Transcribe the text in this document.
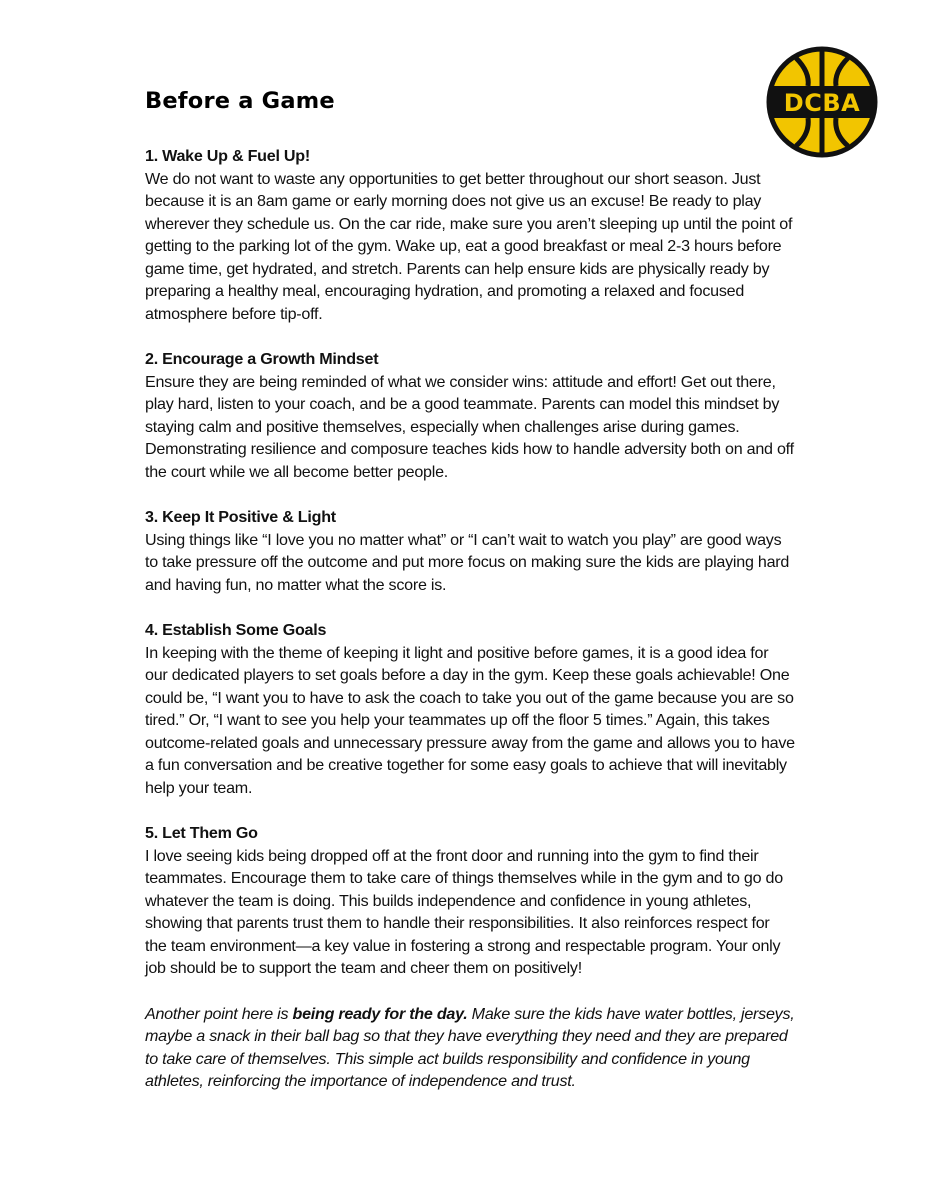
Before a Game	DCBA
1. Wake Up & Fuel Up!

We do not want to waste any opportunities to get better throughout our short season. Just because it is an 8am game or early morning does not give us an excuse! Be ready to play wherever they schedule us. On the car ride, make sure you aren’t sleeping up until the point of getting to the parking lot of the gym. Wake up, eat a good breakfast or meal 2-3 hours before game time, get hydrated, and stretch. Parents can help ensure kids are physically ready by preparing a healthy meal, encouraging hydration, and promoting a relaxed and focused atmosphere before tip-off.

2. Encourage a Growth Mindset

Ensure they are being reminded of what we consider wins: attitude and effort! Get out there, play hard, listen to your coach, and be a good teammate. Parents can model this mindset by staying calm and positive themselves, especially when challenges arise during games. Demonstrating resilience and composure teaches kids how to handle adversity both on and off the court while we all become better people.

3. Keep It Positive & Light

Using things like “I love you no matter what” or “I can’t wait to watch you play” are good ways to take pressure off the outcome and put more focus on making sure the kids are playing hard and having fun, no matter what the score is.

4. Establish Some Goals

In keeping with the theme of keeping it light and positive before games, it is a good idea for our dedicated players to set goals before a day in the gym. Keep these goals achievable! One could be, “I want you to have to ask the coach to take you out of the game because you are so tired.” Or, “I want to see you help your teammates up off the floor 5 times.” Again, this takes outcome-related goals and unnecessary pressure away from the game and allows you to have a fun conversation and be creative together for some easy goals to achieve that will inevitably help your team.

5. Let Them Go

I love seeing kids being dropped off at the front door and running into the gym to find their teammates. Encourage them to take care of things themselves while in the gym and to go do whatever the team is doing. This builds independence and confidence in young athletes, showing that parents trust them to handle their responsibilities. It also reinforces respect for the team environment—a key value in fostering a strong and respectable program. Your only job should be to support the team and cheer them on positively!

Another point here is being ready for the day. Make sure the kids have water bottles, jerseys, maybe a snack in their ball bag so that they have everything they need and they are prepared to take care of themselves. This simple act builds responsibility and confidence in young athletes, reinforcing the importance of independence and trust.
